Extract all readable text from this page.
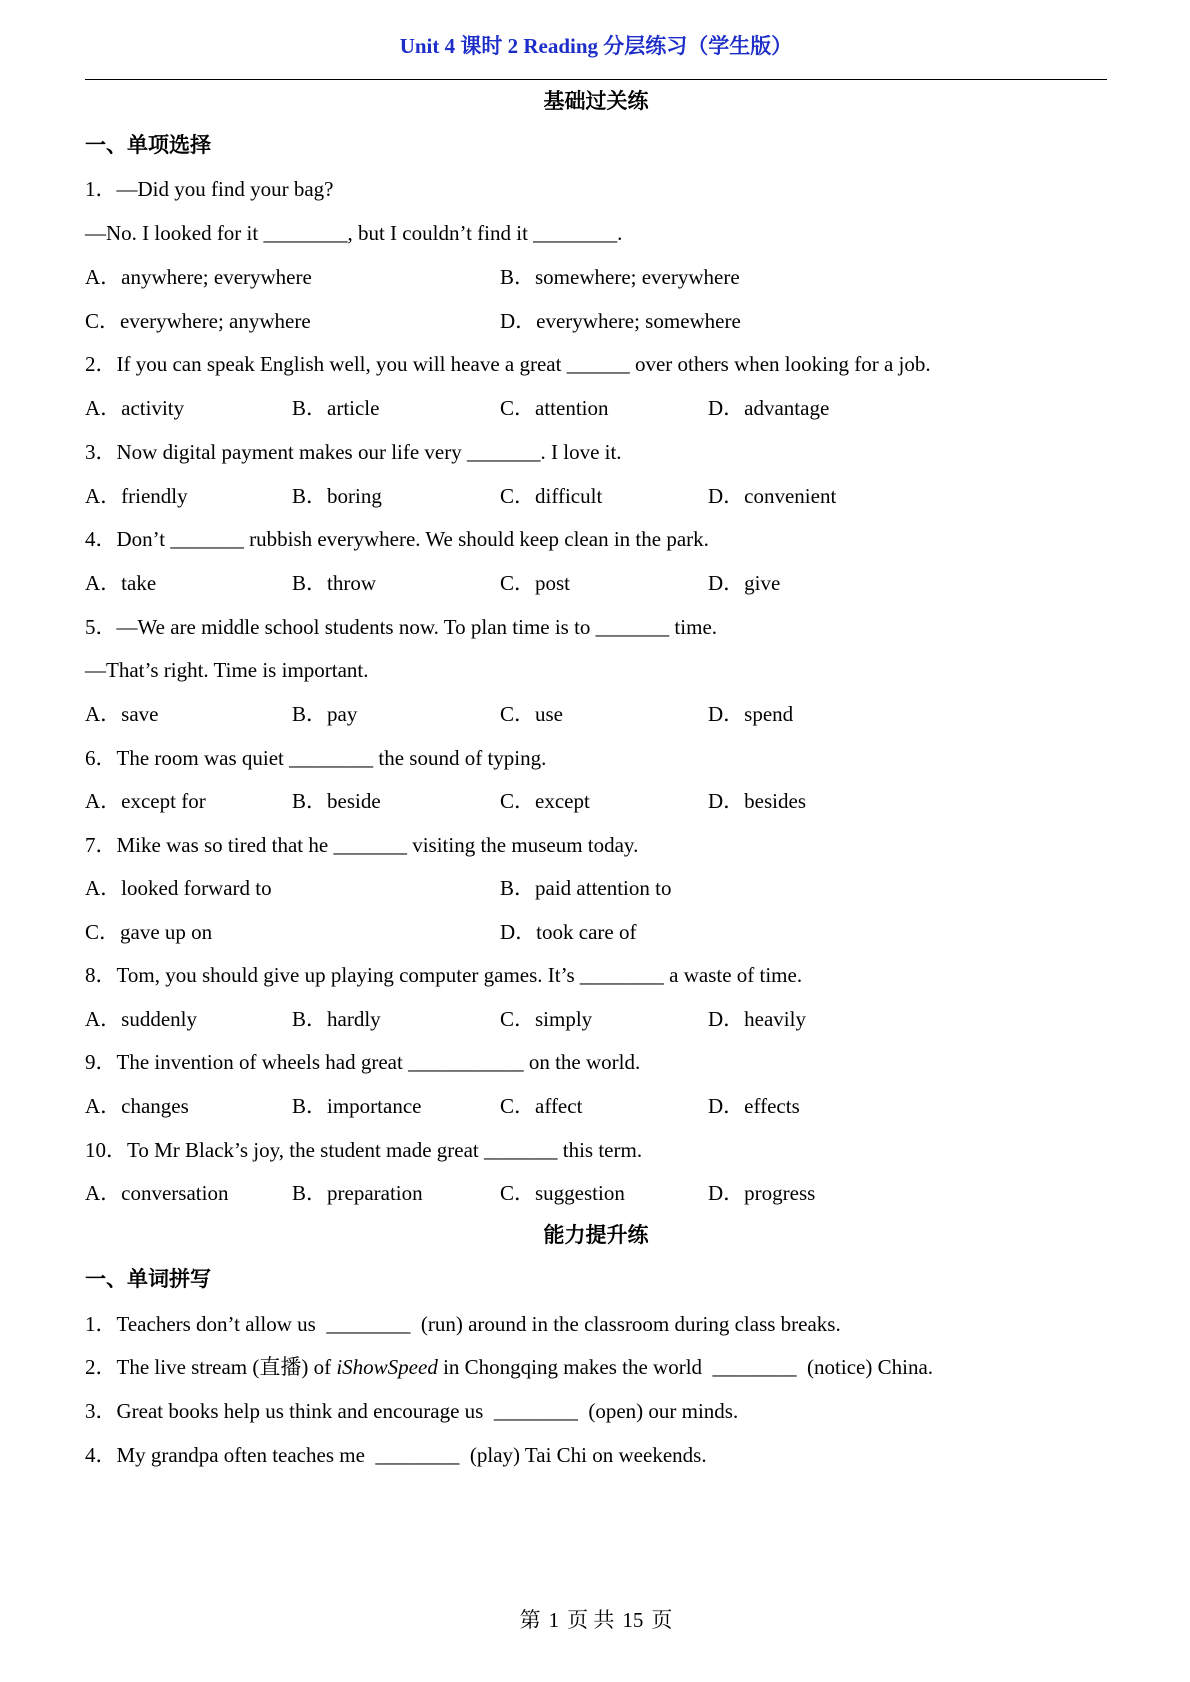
Unit 4 课时 2 Reading 分层练习（学生版）
基础过关练
一、单项选择
1．—Did you find your bag?
—No. I looked for it ________, but I couldn’t find it ________.
A．anywhere; everywhere	B．somewhere; everywhere
C．everywhere; anywhere	D．everywhere; somewhere
2．If you can speak English well, you will heave a great ______ over others when looking for a job.
A．activity	B．article	C．attention	D．advantage
3．Now digital payment makes our life very _______. I love it.
A．friendly	B．boring	C．difficult	D．convenient
4．Don’t _______ rubbish everywhere. We should keep clean in the park.
A．take	B．throw	C．post	D．give
5．—We are middle school students now. To plan time is to _______ time.
—That’s right. Time is important.
A．save	B．pay	C．use	D．spend
6．The room was quiet ________ the sound of typing.
A．except for	B．beside	C．except	D．besides
7．Mike was so tired that he _______ visiting the museum today.
A．looked forward to	B．paid attention to
C．gave up on	D．took care of
8．Tom, you should give up playing computer games. It’s ________ a waste of time.
A．suddenly	B．hardly	C．simply	D．heavily
9．The invention of wheels had great ___________ on the world.
A．changes	B．importance	C．affect	D．effects
10．To Mr Black’s joy, the student made great _______ this term.
A．conversation	B．preparation	C．suggestion	D．progress
能力提升练
一、单词拼写
1．Teachers don’t allow us  ________  (run) around in the classroom during class breaks.
2．The live stream (直播) of iShowSpeed in Chongqing makes the world  ________  (notice) China.
3．Great books help us think and encourage us  ________  (open) our minds.
4．My grandpa often teaches me  ________  (play) Tai Chi on weekends.
第 1 页 共 15 页
